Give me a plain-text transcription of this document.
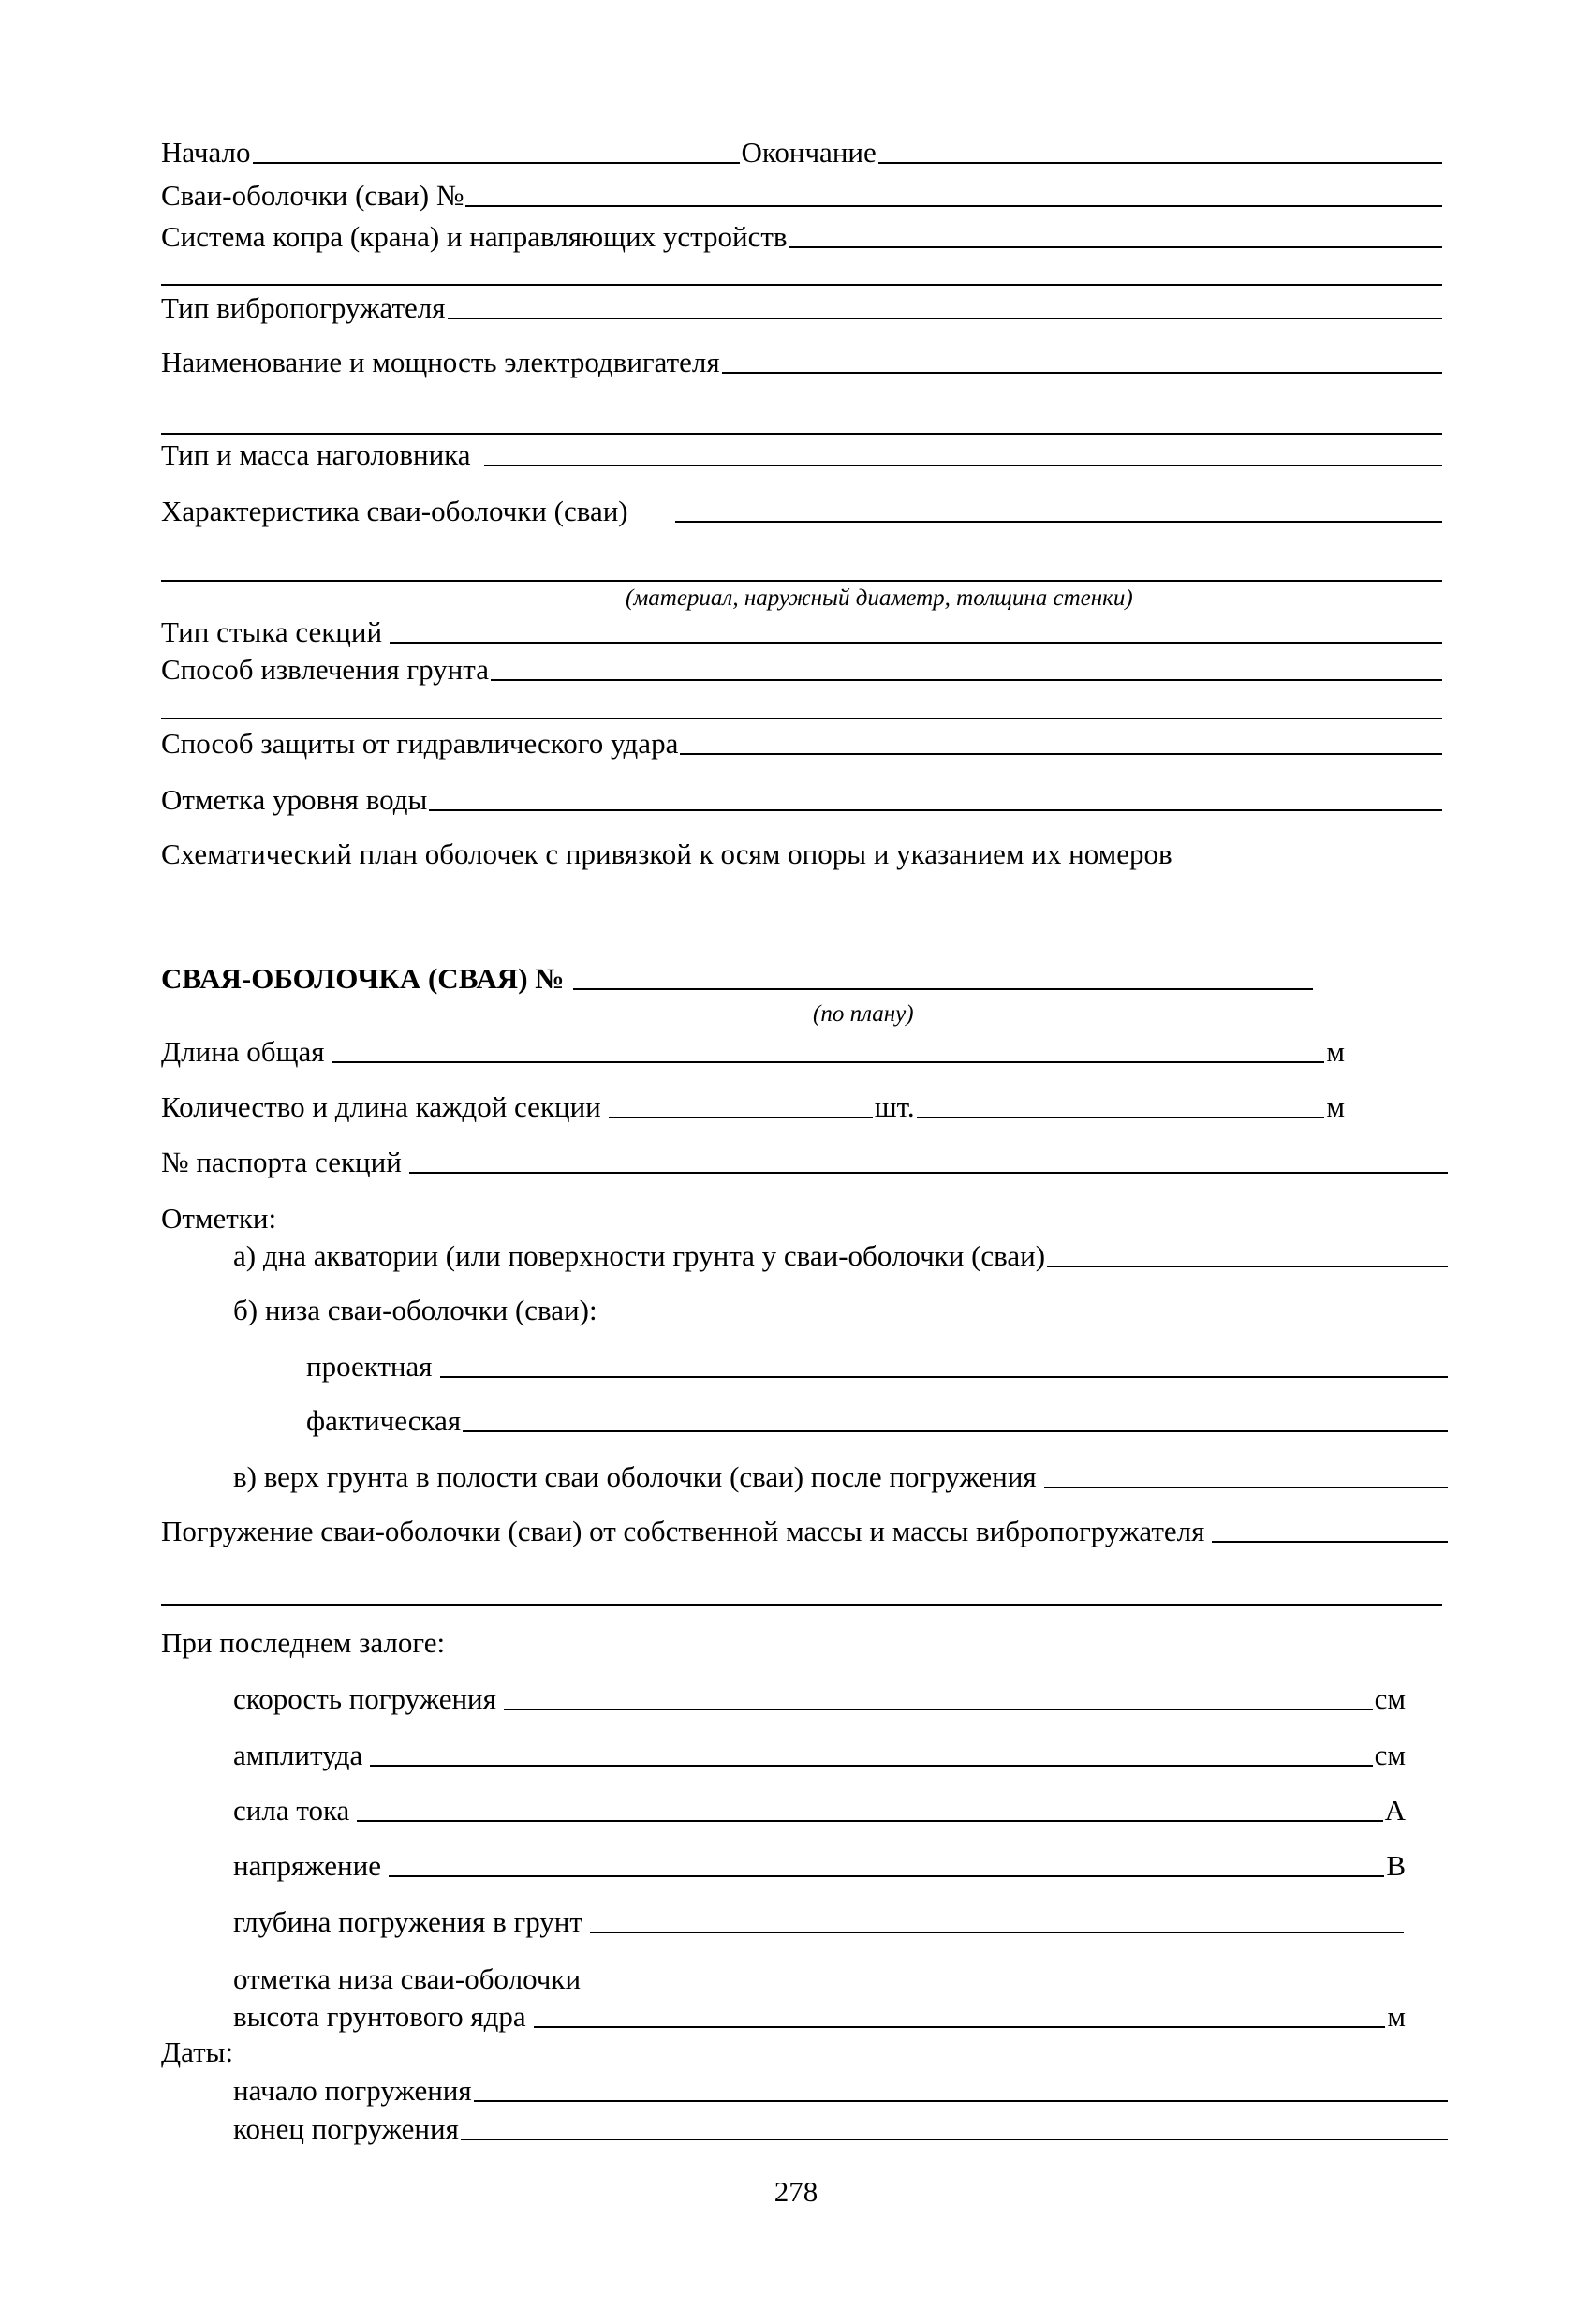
Начало	Окончание
Сваи-оболочки (сваи) №
Система копра (крана) и направляющих устройств
Тип вибропогружателя
Наименование и мощность электродвигателя
Тип и масса наголовника
Характеристика сваи-оболочки (сваи)
(материал, наружный диаметр, толщина стенки)
Тип стыка секций
Способ извлечения грунта
Способ защиты от гидравлического удара
Отметка уровня воды
Схематический план оболочек с привязкой к осям опоры и указанием их номеров
СВАЯ-ОБОЛОЧКА (СВАЯ) №
(по плану)
Длина общая	м
Количество и длина каждой секции	шт.	м
№ паспорта секций
Отметки:
а) дна акватории (или поверхности грунта у сваи-оболочки (сваи)
б) низа сваи-оболочки (сваи):
проектная
фактическая
в) верх грунта в полости сваи оболочки (сваи) после погружения
Погружение сваи-оболочки (сваи) от собственной массы и массы вибропогружателя
При последнем залоге:
скорость погружения	см
амплитуда	см
сила тока	А
напряжение	В
глубина погружения в грунт
отметка низа сваи-оболочки
высота грунтового ядра	м
Даты:
начало погружения
конец погружения
278
